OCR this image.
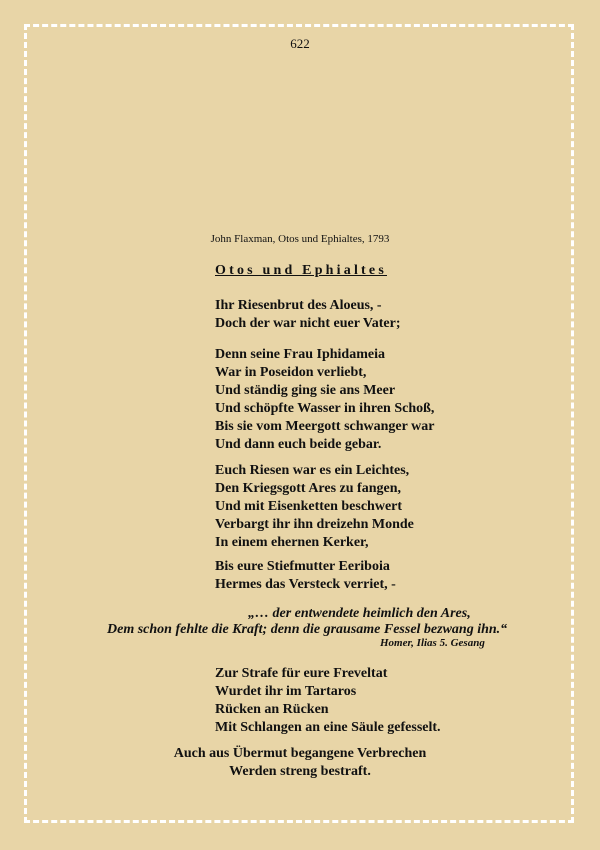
622
John Flaxman, Otos und Ephialtes, 1793
Otos und Ephialtes
Ihr Riesenbrut des Aloeus, -
Doch der war nicht euer Vater;
Denn seine Frau Iphidameia
War in Poseidon verliebt,
Und ständig ging sie ans Meer
Und schöpfte Wasser in ihren Schoß,
Bis sie vom Meergott schwanger war
Und dann euch beide gebar.
Euch Riesen war es ein Leichtes,
Den Kriegsgott Ares zu fangen,
Und mit Eisenketten beschwert
Verbargt ihr ihn dreizehn Monde
In einem ehernen Kerker,
Bis eure Stiefmutter Eeriboia
Hermes das Versteck verriet, -
„… der entwendete heimlich den Ares,
Dem schon fehlte die Kraft; denn die grausame Fessel bezwang ihn.“
Homer, Ilias 5. Gesang
Zur Strafe für eure Freveltat
Wurdet ihr im Tartaros
Rücken an Rücken
Mit Schlangen an eine Säule gefesselt.
Auch aus Übermut begangene Verbrechen
Werden streng bestraft.
